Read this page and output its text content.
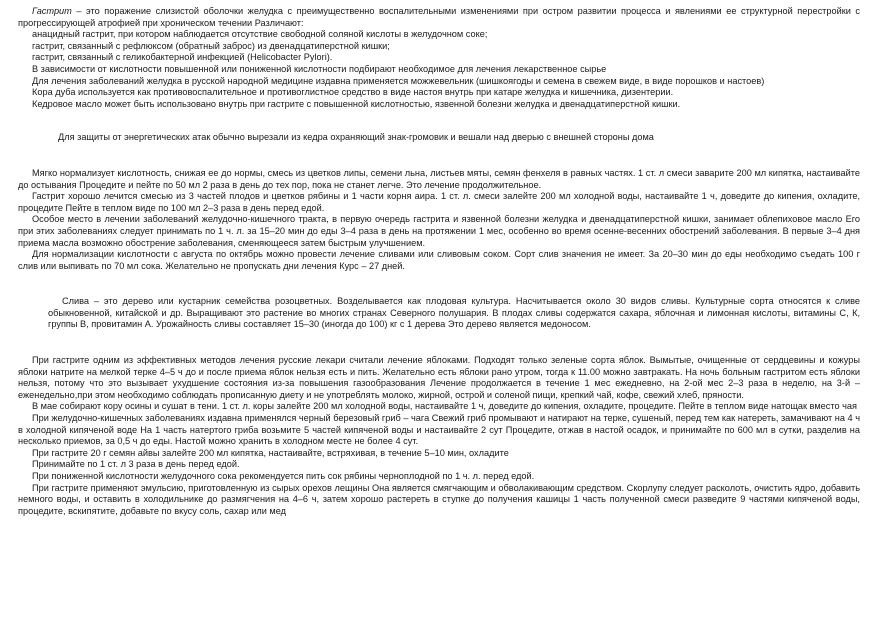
Гастрит – это поражение слизистой оболочки желудка с преимущественно воспалительными изменениями при остром развитии процесса и явлениями ее структурной перестройки с прогрессирующей атрофией при хроническом течении Различают:

анацидный гастрит, при котором наблюдается отсутствие свободной соляной кислоты в желудочном соке;

гастрит, связанный с рефлюксом (обратный заброс) из двенадцатиперстной кишки;

гастрит, связанный с геликобактерной инфекцией (Helicobacter Pylori).

В зависимости от кислотности повышенной или пониженной кислотности подбирают необходимое для лечения лекарственное сырье

Для лечения заболеваний желудка в русской народной медицине издавна применяется можжевельник (шишкоягоды и семена в свежем виде, в виде порошков и настоев)

Кора дуба используется как противовоспалительное и противоглистное средство в виде настоя внутрь при катаре желудка и кишечника, дизентерии.

Кедровое масло может быть использовано внутрь при гастрите с повышенной кислотностью, язвенной болезни желудка и двенадцатиперстной кишки.

Для защиты от энергетических атак обычно вырезали из кедра охраняющий знак-громовик и вешали над дверью с внешней стороны дома

Мягко нормализует кислотность, снижая ее до нормы, смесь из цветков липы, семени льна, листьев мяты, семян фенхеля в равных частях. 1 ст. л смеси заварите 200 мл кипятка, настаивайте до остывания Процедите и пейте по 50 мл 2 раза в день до тех пор, пока не станет легче. Это лечение продолжительное.

Гастрит хорошо лечится смесью из 3 частей плодов и цветков рябины и 1 части корня аира. 1 ст. л. смеси залейте 200 мл холодной воды, настаивайте 1 ч, доведите до кипения, охладите, процедите Пейте в теплом виде по 100 мл 2–3 раза в день перед едой.

Особое место в лечении заболеваний желудочно-кишечного тракта, в первую очередь гастрита и язвенной болезни желудка и двенадцатиперстной кишки, занимает облепиховое масло Его при этих заболеваниях следует принимать по 1 ч. л. за 15–20 мин до еды 3–4 раза в день на протяжении 1 мес, особенно во время осенне-весенних обострений заболевания. В первые 3–4 дня приема масла возможно обострение заболевания, сменяющееся затем быстрым улучшением.

Для нормализации кислотности с августа по октябрь можно провести лечение сливами или сливовым соком. Сорт слив значения не имеет. За 20–30 мин до еды необходимо съедать 100 г слив или выпивать по 70 мл сока. Желательно не пропускать дни лечения Курс – 27 дней.

Слива – это дерево или кустарник семейства розоцветных. Возделывается как плодовая культура. Насчитывается около 30 видов сливы. Культурные сорта относятся к сливе обыкновенной, китайской и др. Выращивают это растение во многих странах Северного полушария. В плодах сливы содержатся сахара, яблочная и лимонная кислоты, витамины С, К, группы В, провитамин А. Урожайность сливы составляет 15–30 (иногда до 100) кг с 1 дерева Это дерево является медоносом.

При гастрите одним из эффективных методов лечения русские лекари считали лечение яблоками. Подходят только зеленые сорта яблок. Вымытые, очищенные от сердцевины и кожуры яблоки натрите на мелкой терке 4–5 ч до и после приема яблок нельзя есть и пить. Желательно есть яблоки рано утром, тогда к 11.00 можно завтракать. На ночь больным гастритом есть яблоки нельзя, потому что это вызывает ухудшение состояния из-за повышения газообразования Лечение продолжается в течение 1 мес ежедневно, на 2-ой мес 2–3 раза в неделю, на 3-й – еженедельно,при этом необходимо соблюдать прописанную диету и не употреблять молоко, жирной, острой и соленой пищи, крепкий чай, кофе, свежий хлеб, пряности.

В мае собирают кору осины и сушат в тени. 1 ст. л. коры залейте 200 мл холодной воды, настаивайте 1 ч, доведите до кипения, охладите, процедите. Пейте в теплом виде натощак вместо чая

При желудочно-кишечных заболеваниях издавна применялся черный березовый гриб – чага Свежий гриб промывают и натирают на терке, сушеный, перед тем как натереть, замачивают на 4 ч в холодной кипяченой воде На 1 часть натертого гриба возьмите 5 частей кипяченой воды и настаивайте 2 сут Процедите, отжав в настой осадок, и принимайте по 600 мл в сутки, разделив на несколько приемов, за 0,5 ч до еды. Настой можно хранить в холодном месте не более 4 сут.

При гастрите 20 г семян айвы залейте 200 мл кипятка, настаивайте, встряхивая, в течение 5–10 мин, охладите

Принимайте по 1 ст. л 3 раза в день перед едой.

При пониженной кислотности желудочного сока рекомендуется пить сок рябины черноплодной по 1 ч. л. перед едой.

При гастрите применяют эмульсию, приготовленную из сырых орехов лещины Она является смягчающим и обволакивающим средством. Скорлупу следует расколоть, очистить ядро, добавить немного воды, и оставить в холодильнике до размягчения на 4–6 ч, затем хорошо растереть в ступке до получения кашицы 1 часть полученной смеси разведите 9 частями кипяченой воды, процедите, вскипятите, добавьте по вкусу соль, сахар или мед
